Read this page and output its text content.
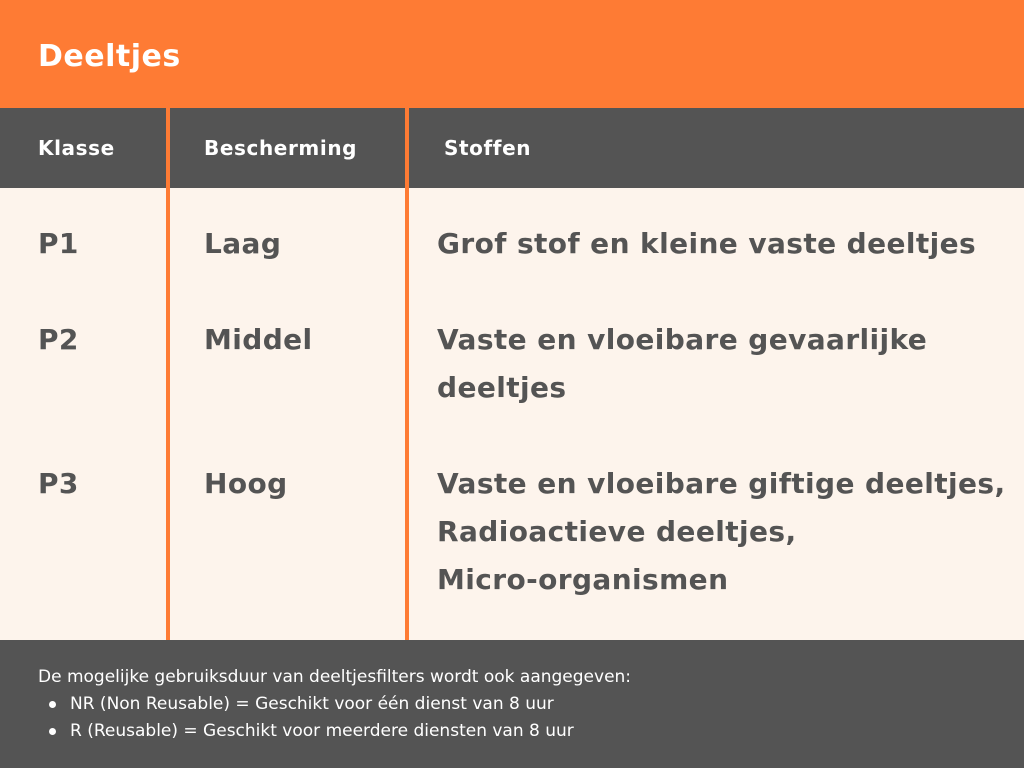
Deeltjes
Klasse	Bescherming	Stoffen
P1	Laag	Grof stof en kleine vaste deeltjes
P2	Middel	Vaste en vloeibare gevaarlijke
deeltjes
P3	Hoog	Vaste en vloeibare giftige deeltjes,
Radioactieve deeltjes,
Micro-organismen
De mogelijke gebruiksduur van deeltjesfilters wordt ook aangegeven:
NR (Non Reusable) = Geschikt voor één dienst van 8 uur
R (Reusable) = Geschikt voor meerdere diensten van 8 uur
